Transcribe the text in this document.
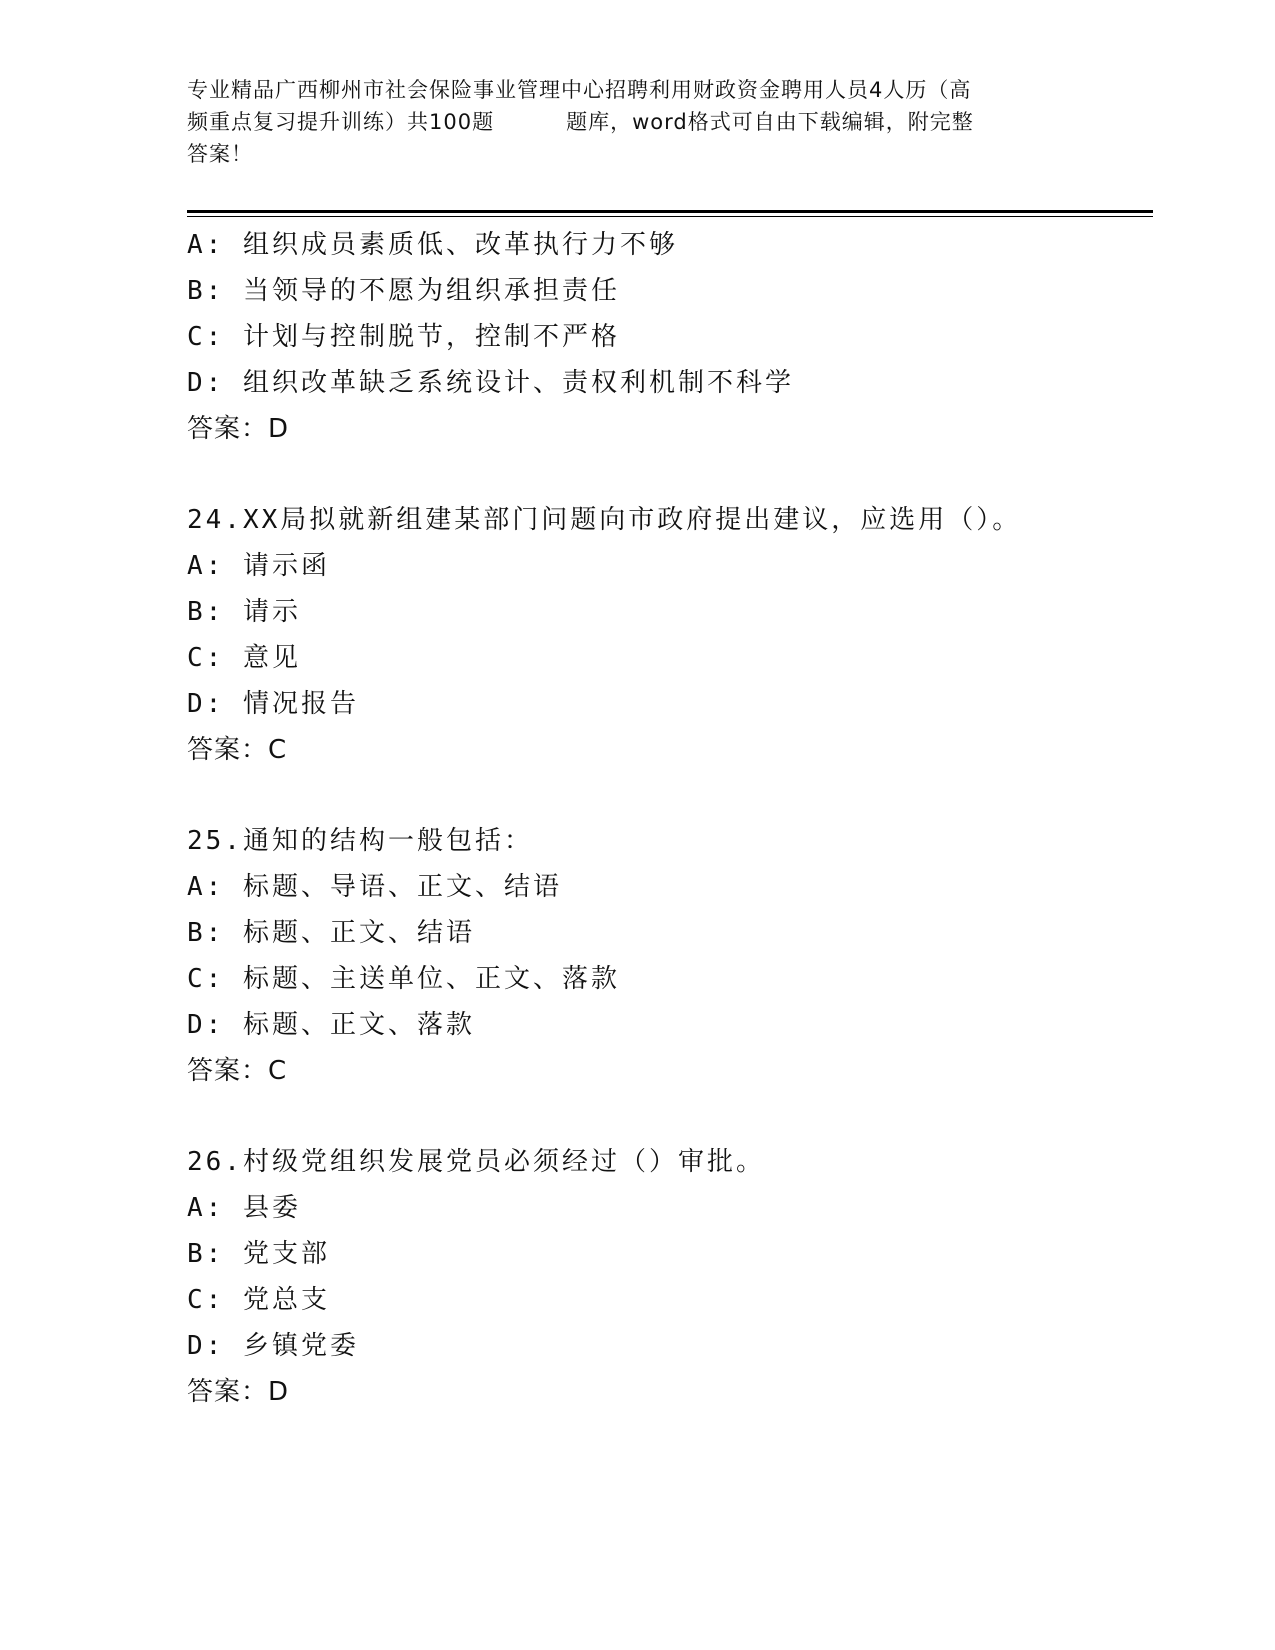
专业精品广西柳州市社会保险事业管理中心招聘利用财政资金聘用人员4人历（高
频重点复习提升训练）共100题	题库，word格式可自由下载编辑，附完整
答案！
A: 组织成员素质低、改革执行力不够
B: 当领导的不愿为组织承担责任
C: 计划与控制脱节，控制不严格
D: 组织改革缺乏系统设计、责权利机制不科学
答案：D
24.XX局拟就新组建某部门问题向市政府提出建议，应选用（）。
A: 请示函
B: 请示
C: 意见
D: 情况报告
答案：C
25.通知的结构一般包括：
A: 标题、导语、正文、结语
B: 标题、正文、结语
C: 标题、主送单位、正文、落款
D: 标题、正文、落款
答案：C
26.村级党组织发展党员必须经过（）审批。
A: 县委
B: 党支部
C: 党总支
D: 乡镇党委
答案：D
